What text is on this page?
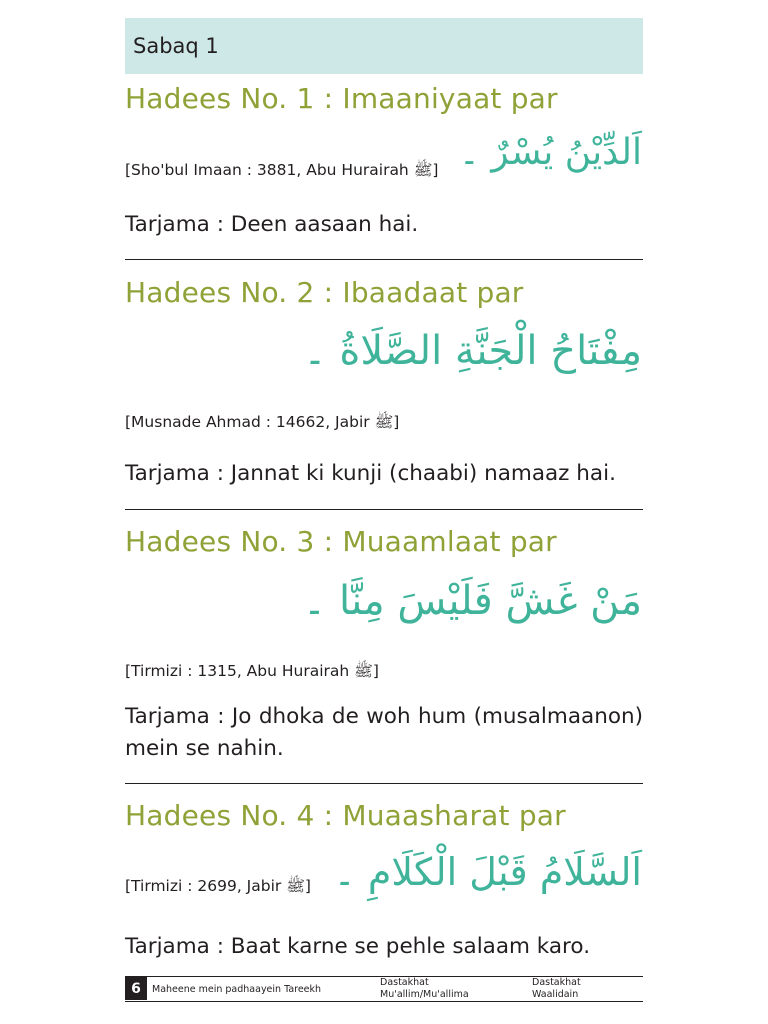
Sabaq 1
Hadees No. 1 : Imaaniyaat par
اَلدِّيْنُ يُسْرٌ ۔
[Sho'bul Imaan : 3881, Abu Hurairah ﷺ]
Tarjama : Deen aasaan hai.
Hadees No. 2 : Ibaadaat par
مِفْتَاحُ الْجَنَّةِ الصَّلَاةُ ۔
[Musnade Ahmad : 14662, Jabir ﷺ]
Tarjama : Jannat ki kunji (chaabi) namaaz hai.
Hadees No. 3 : Muaamlaat par
مَنْ غَشَّ فَلَيْسَ مِنَّا ۔
[Tirmizi : 1315, Abu Hurairah ﷺ]
Tarjama : Jo dhoka de woh hum (musalmaanon) mein se nahin.
Hadees No. 4 : Muaasharat par
اَلسَّلَامُ قَبْلَ الْكَلَامِ ۔
[Tirmizi : 2699, Jabir ﷺ]
Tarjama : Baat karne se pehle salaam karo.
6	Maheene mein padhaayein Tareekh
Dastakhat
Mu'allim/Mu'allima
Dastakhat
Waalidain
